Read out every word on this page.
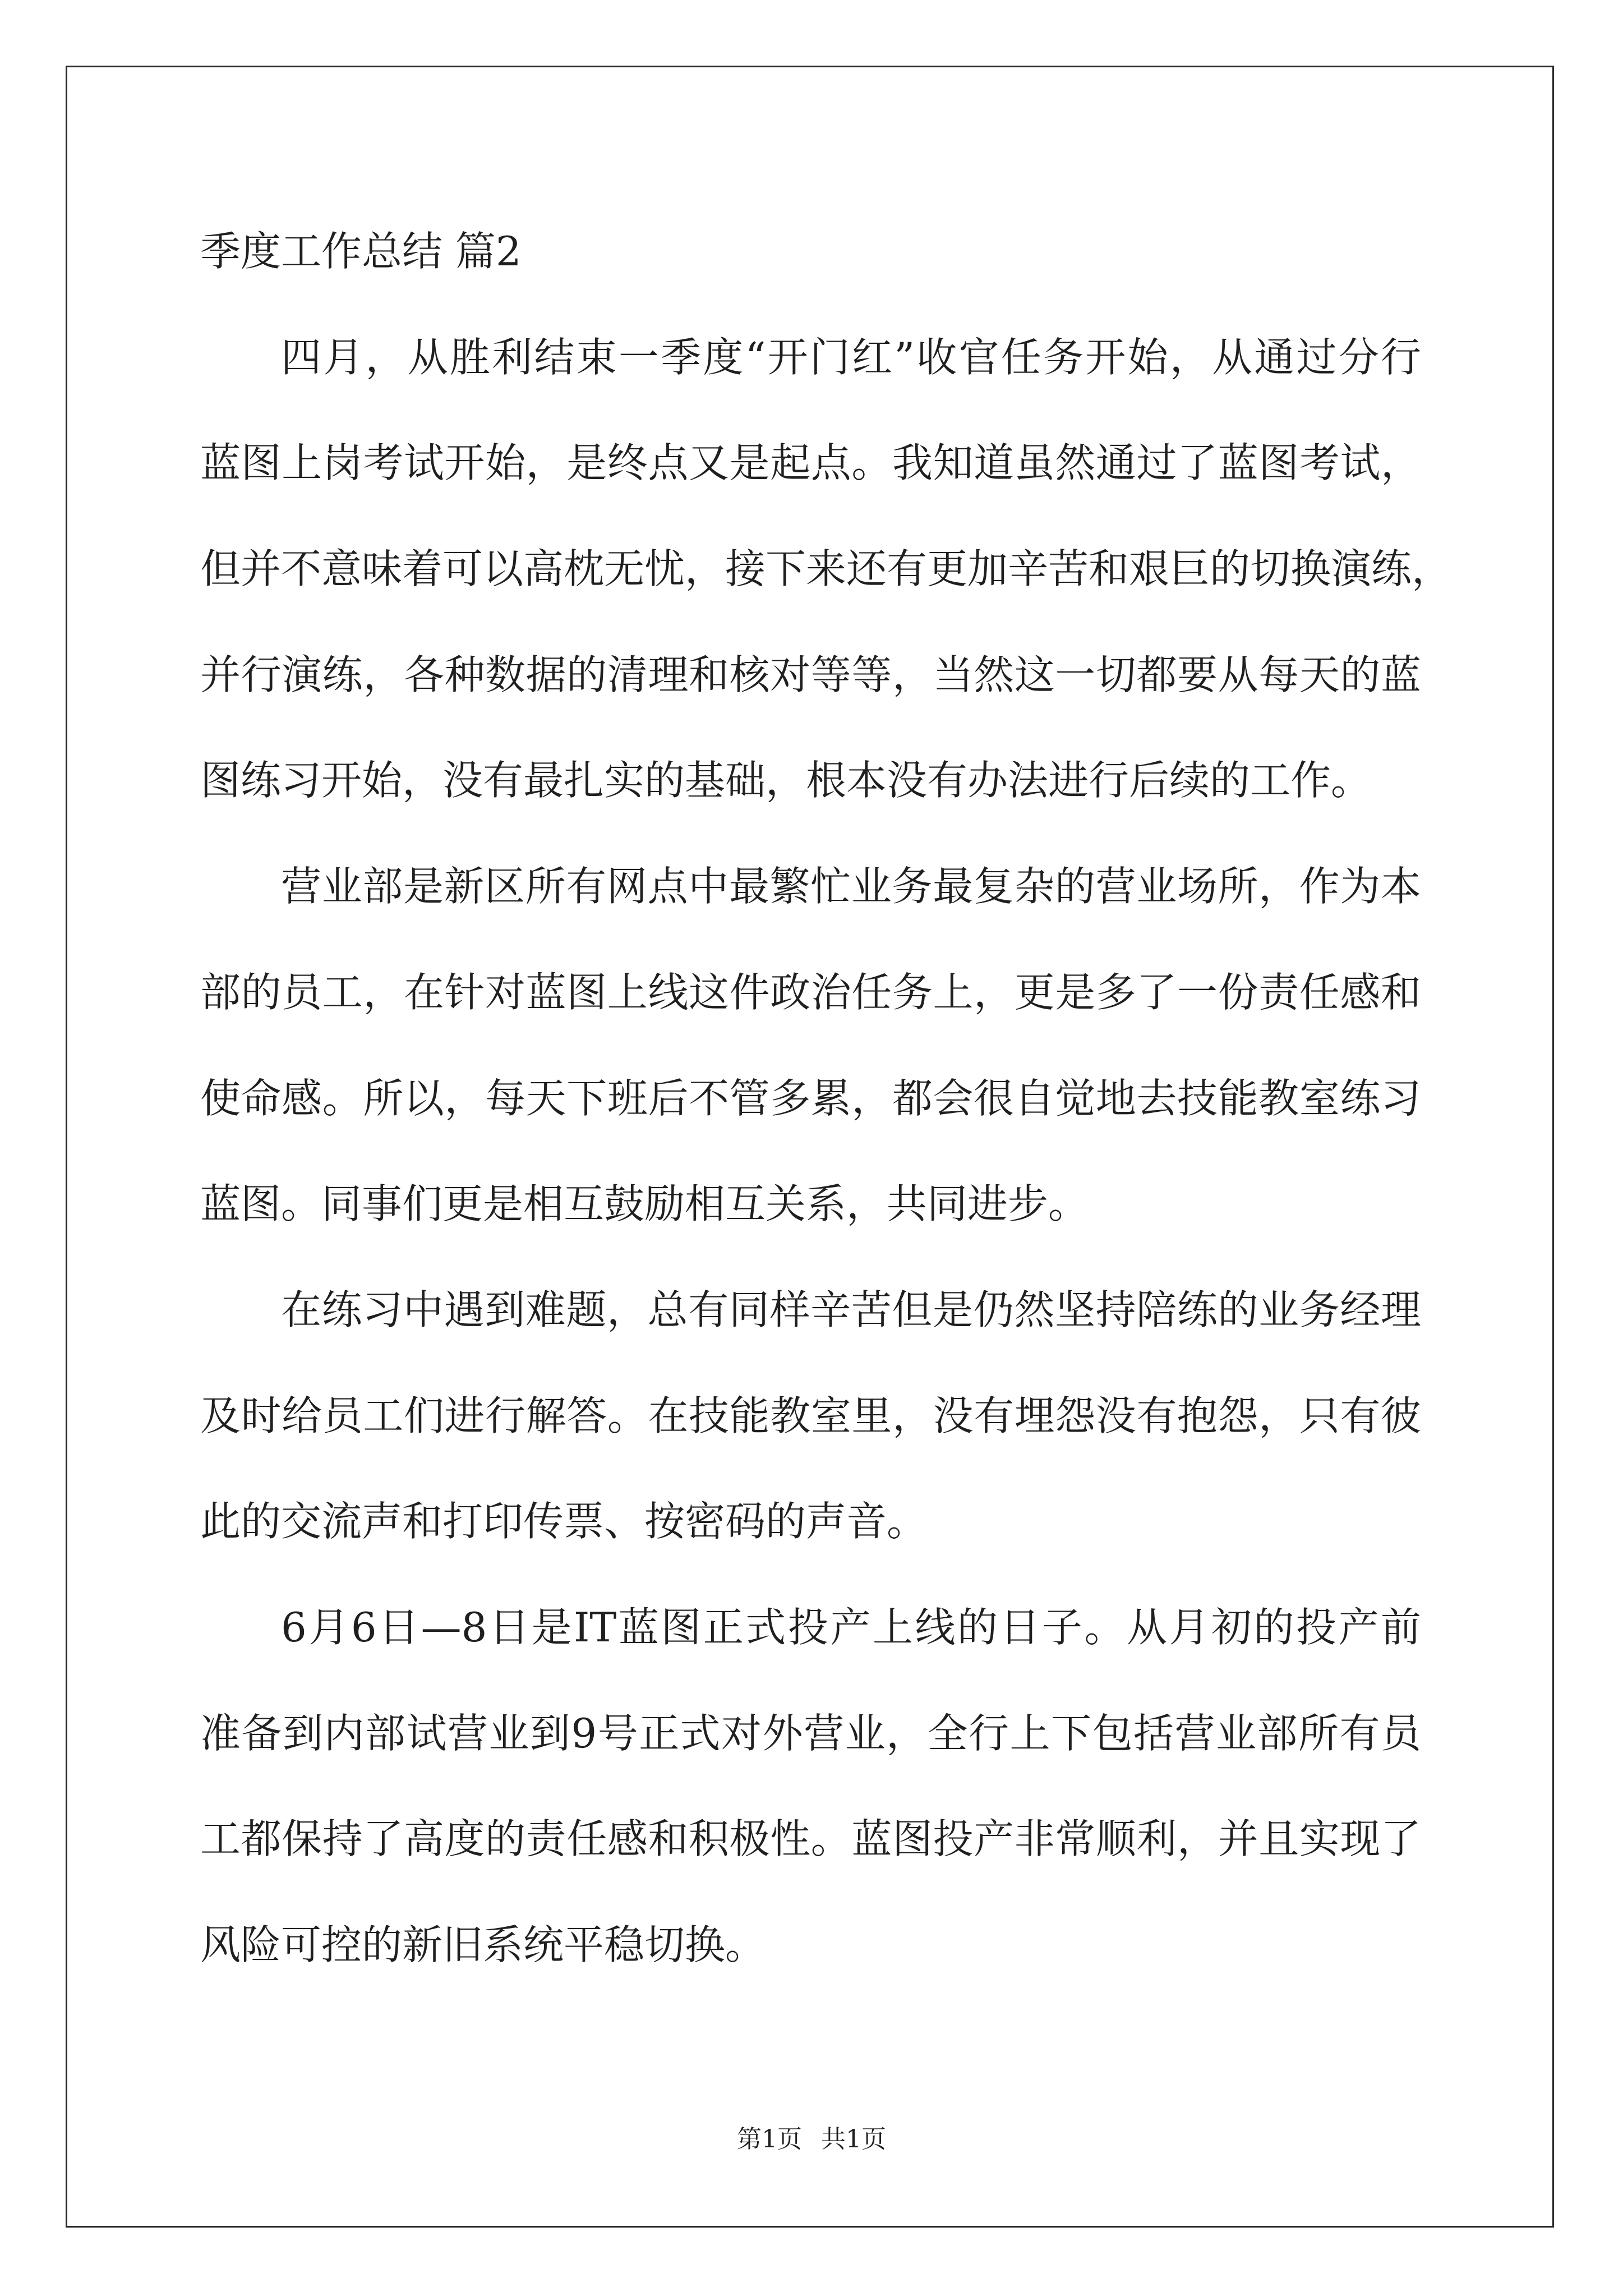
季度工作总结 篇2
四月，从胜利结束一季度“开门红”收官任务开始，从通过分行
蓝图上岗考试开始，是终点又是起点。我知道虽然通过了蓝图考试，
但并不意味着可以高枕无忧，接下来还有更加辛苦和艰巨的切换演练，
并行演练，各种数据的清理和核对等等，当然这一切都要从每天的蓝
图练习开始，没有最扎实的基础，根本没有办法进行后续的工作。
营业部是新区所有网点中最繁忙业务最复杂的营业场所，作为本
部的员工，在针对蓝图上线这件政治任务上，更是多了一份责任感和
使命感。所以，每天下班后不管多累，都会很自觉地去技能教室练习
蓝图。同事们更是相互鼓励相互关系，共同进步。
在练习中遇到难题，总有同样辛苦但是仍然坚持陪练的业务经理
及时给员工们进行解答。在技能教室里，没有埋怨没有抱怨，只有彼
此的交流声和打印传票、按密码的声音。
6月6日—8日是IT蓝图正式投产上线的日子。从月初的投产前
准备到内部试营业到9号正式对外营业，全行上下包括营业部所有员
工都保持了高度的责任感和积极性。蓝图投产非常顺利，并且实现了
风险可控的新旧系统平稳切换。
第1页 共1页
